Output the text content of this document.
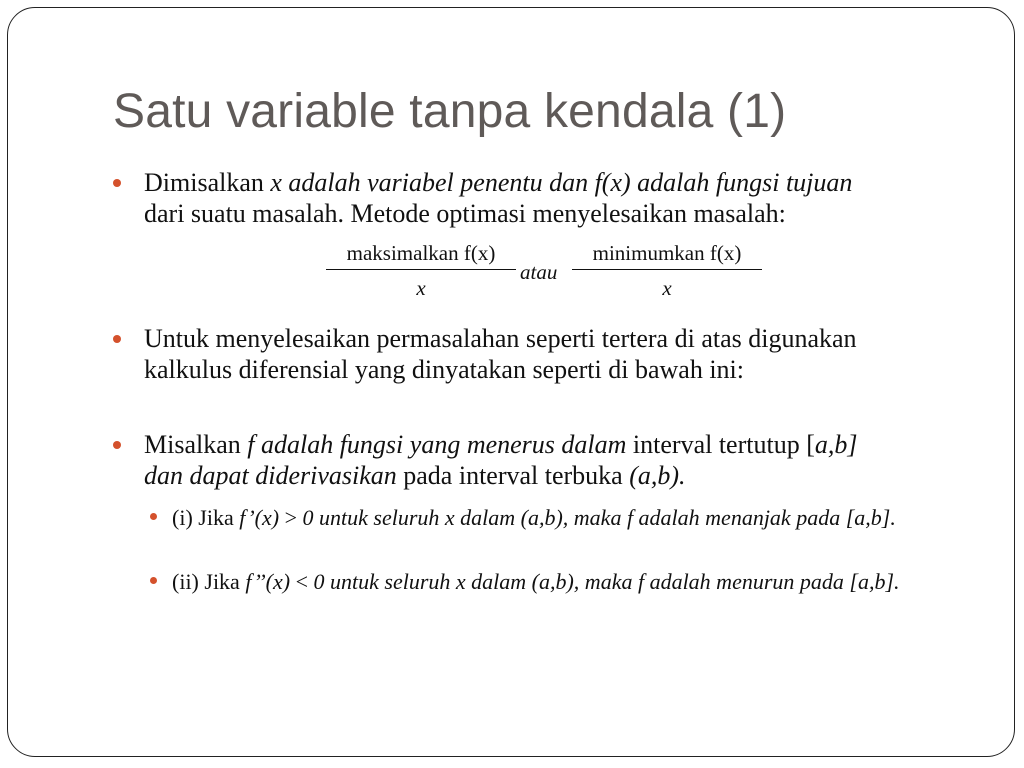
Satu variable tanpa kendala (1)
Dimisalkan x adalah variabel penentu dan f(x) adalah fungsi tujuan
dari suatu masalah. Metode optimasi menyelesaikan masalah:
maksimalkan f(x)
x
atau
minimumkan f(x)
x
Untuk menyelesaikan permasalahan seperti tertera di atas digunakan kalkulus diferensial yang dinyatakan seperti di bawah ini:
Misalkan f adalah fungsi yang menerus dalam interval tertutup [a,b]
dan dapat diderivasikan pada interval terbuka (a,b).
(i) Jika f’(x) > 0 untuk seluruh x dalam (a,b), maka f adalah menanjak pada [a,b].
(ii) Jika f’’(x) < 0 untuk seluruh x dalam (a,b), maka f adalah menurun pada [a,b].
